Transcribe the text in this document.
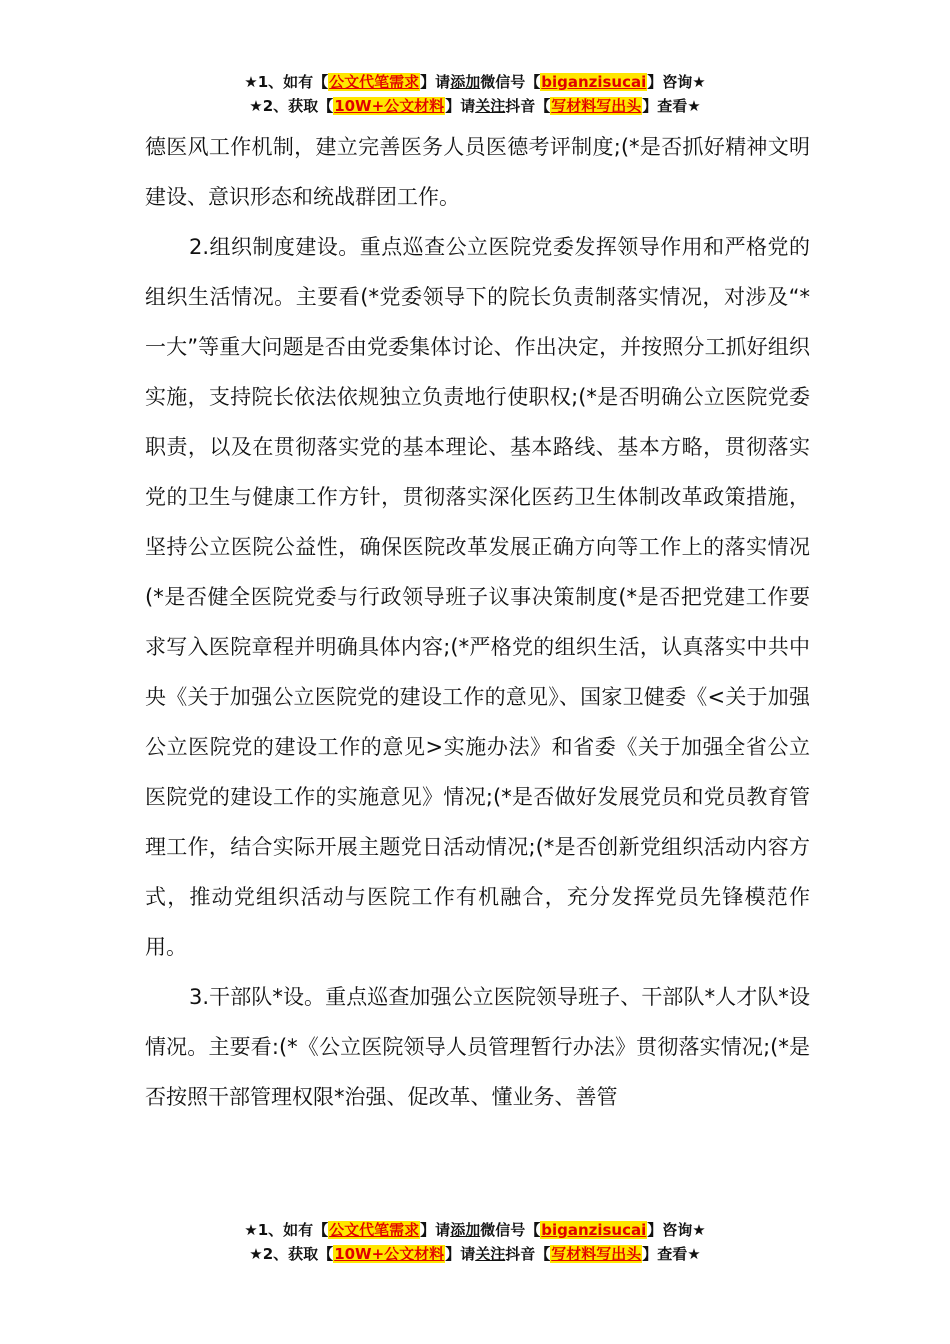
★1、如有【公文代笔需求】请添加微信号【biganzisucai】咨询★
★2、获取【10W+公文材料】请关注抖音【写材料写出头】查看★

德医风工作机制，建立完善医务人员医德考评制度;(*是否抓好精神文明建设、意识形态和统战群团工作。

2.组织制度建设。重点巡查公立医院党委发挥领导作用和严格党的组织生活情况。主要看(*党委领导下的院长负责制落实情况，对涉及“*一大”等重大问题是否由党委集体讨论、作出决定，并按照分工抓好组织实施，支持院长依法依规独立负责地行使职权;(*是否明确公立医院党委职责，以及在贯彻落实党的基本理论、基本路线、基本方略，贯彻落实党的卫生与健康工作方针，贯彻落实深化医药卫生体制改革政策措施，坚持公立医院公益性，确保医院改革发展正确方向等工作上的落实情况(*是否健全医院党委与行政领导班子议事决策制度(*是否把党建工作要求写入医院章程并明确具体内容;(*严格党的组织生活，认真落实中共中央《关于加强公立医院党的建设工作的意见》、国家卫健委《<关于加强公立医院党的建设工作的意见>实施办法》和省委《关于加强全省公立医院党的建设工作的实施意见》情况;(*是否做好发展党员和党员教育管理工作，结合实际开展主题党日活动情况;(*是否创新党组织活动内容方式，推动党组织活动与医院工作有机融合，充分发挥党员先锋模范作用。

3.干部队*设。重点巡查加强公立医院领导班子、干部队*人才队*设情况。主要看:(*《公立医院领导人员管理暂行办法》贯彻落实情况;(*是否按照干部管理权限*治强、促改革、懂业务、善管

★1、如有【公文代笔需求】请添加微信号【biganzisucai】咨询★
★2、获取【10W+公文材料】请关注抖音【写材料写出头】查看★
